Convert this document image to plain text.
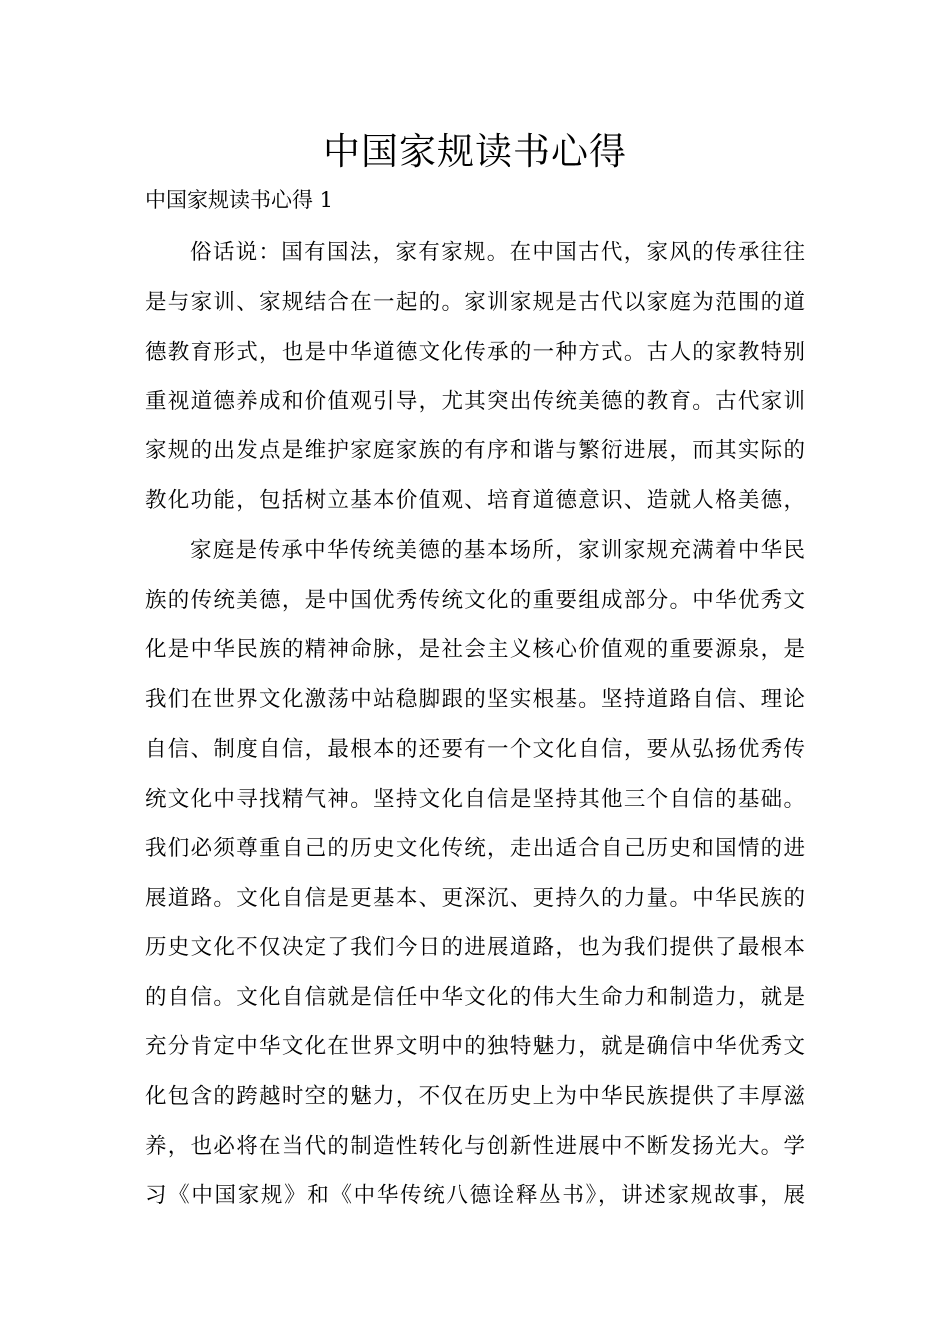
中国家规读书心得
中国家规读书心得 1
俗话说：国有国法，家有家规。在中国古代，家风的传承往往
是与家训、家规结合在一起的。家训家规是古代以家庭为范围的道
德教育形式，也是中华道德文化传承的一种方式。古人的家教特别
重视道德养成和价值观引导，尤其突出传统美德的教育。古代家训
家规的出发点是维护家庭家族的有序和谐与繁衍进展，而其实际的
教化功能，包括树立基本价值观、培育道德意识、造就人格美德，
家庭是传承中华传统美德的基本场所，家训家规充满着中华民
族的传统美德，是中国优秀传统文化的重要组成部分。中华优秀文
化是中华民族的精神命脉，是社会主义核心价值观的重要源泉，是
我们在世界文化激荡中站稳脚跟的坚实根基。坚持道路自信、理论
自信、制度自信，最根本的还要有一个文化自信，要从弘扬优秀传
统文化中寻找精气神。坚持文化自信是坚持其他三个自信的基础。
我们必须尊重自己的历史文化传统，走出适合自己历史和国情的进
展道路。文化自信是更基本、更深沉、更持久的力量。中华民族的
历史文化不仅决定了我们今日的进展道路，也为我们提供了最根本
的自信。文化自信就是信任中华文化的伟大生命力和制造力，就是
充分肯定中华文化在世界文明中的独特魅力，就是确信中华优秀文
化包含的跨越时空的魅力，不仅在历史上为中华民族提供了丰厚滋
养，也必将在当代的制造性转化与创新性进展中不断发扬光大。学
习《中国家规》和《中华传统八德诠释丛书》，讲述家规故事，展
